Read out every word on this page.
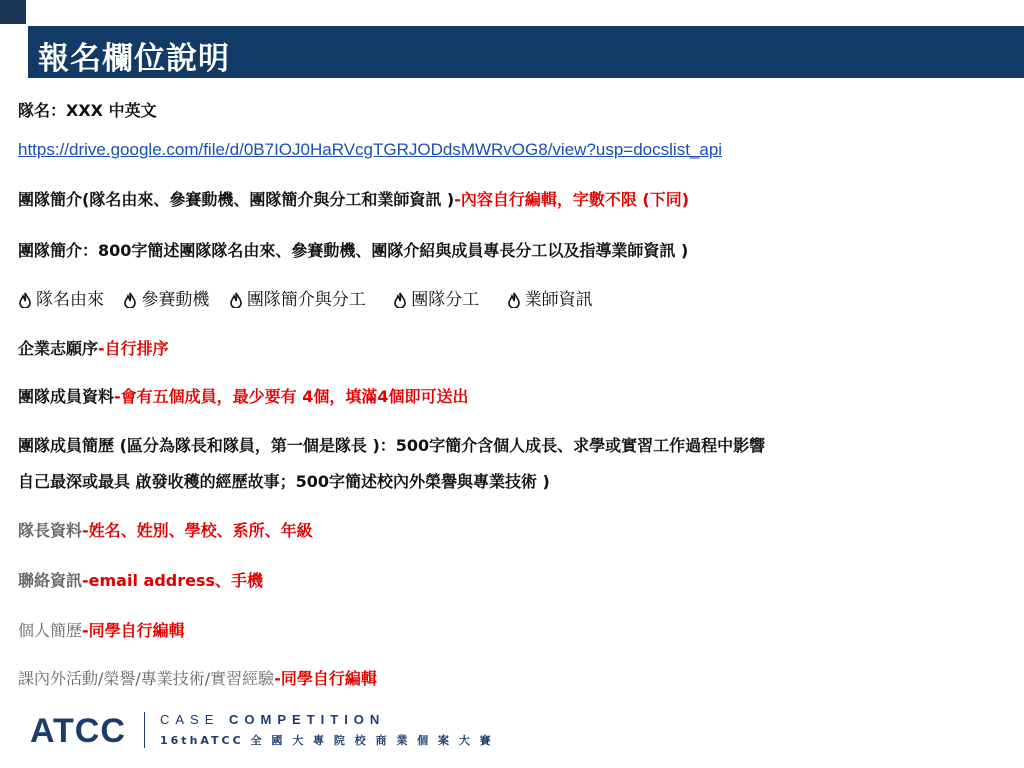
報名欄位說明
隊名：XXX 中英文
https://drive.google.com/file/d/0B7IOJ0HaRVcgTGRJODdsMWRvOG8/view?usp=docslist_api
團隊簡介(隊名由來、參賽動機、團隊簡介與分工和業師資訊 )-內容自行編輯，字數不限 (下同)
團隊簡介：800字簡述團隊隊名由來、參賽動機、團隊介紹與成員專長分工以及指導業師資訊 )
隊名由來 參賽動機 團隊簡介與分工	團隊分工	業師資訊
企業志願序-自行排序
團隊成員資料-會有五個成員，最少要有 4個，填滿4個即可送出
團隊成員簡歷 (區分為隊長和隊員，第一個是隊長 )：500字簡介含個人成長、求學或實習工作過程中影響
自己最深或最具 啟發收穫的經歷故事；500字簡述校內外榮譽與專業技術 )
隊長資料-姓名、姓別、學校、系所、年級
聯絡資訊-email address、手機
個人簡歷-同學自行編輯
課內外活動/榮譽/專業技術/實習經驗-同學自行編輯
ATCC	CASE COMPETITION
16thATCC 全 國 大 專 院 校 商 業 個 案 大 賽
